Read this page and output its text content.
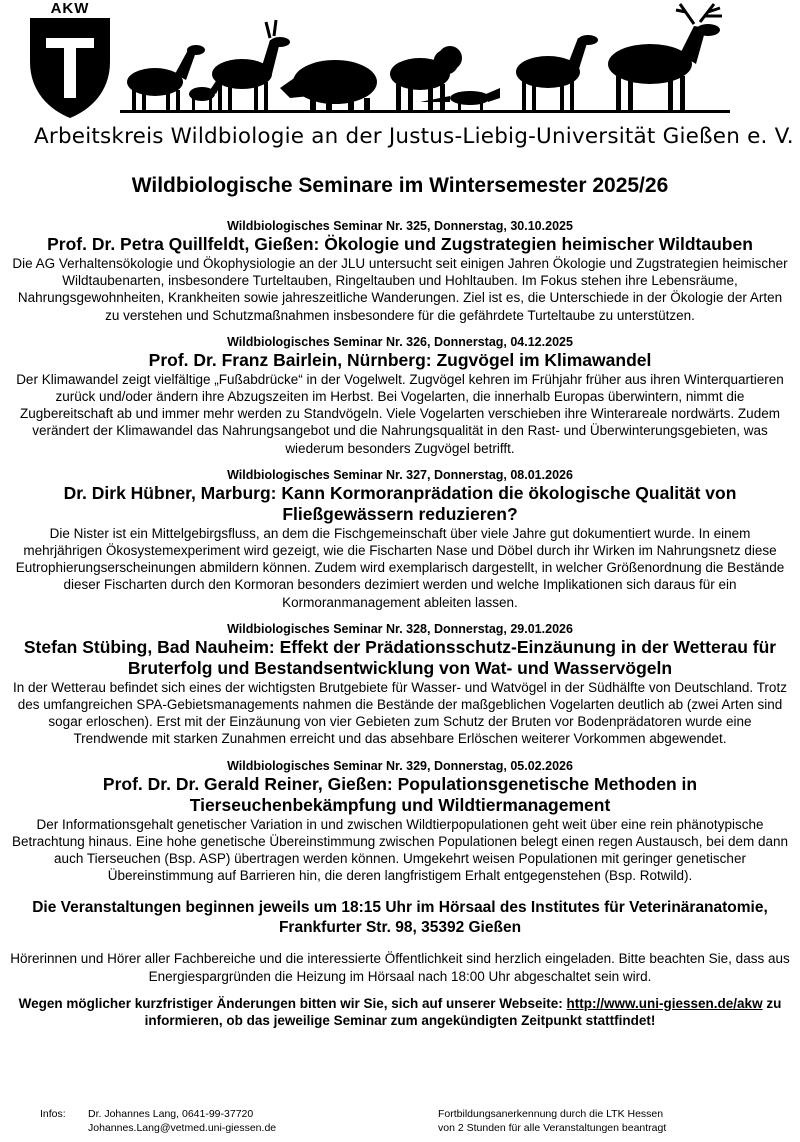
AKW
Arbeitskreis Wildbiologie an der Justus-Liebig-Universität Gießen e. V.
Wildbiologische Seminare im Wintersemester 2025/26

Wildbiologisches Seminar Nr. 325, Donnerstag, 30.10.2025

Prof. Dr. Petra Quillfeldt, Gießen: Ökologie und Zugstrategien heimischer Wildtauben

Die AG Verhaltensökologie und Ökophysiologie an der JLU untersucht seit einigen Jahren Ökologie und Zugstrategien heimischer Wildtaubenarten, insbesondere Turteltauben, Ringeltauben und Hohltauben. Im Fokus stehen ihre Lebensräume, Nahrungsgewohnheiten, Krankheiten sowie jahreszeitliche Wanderungen. Ziel ist es, die Unterschiede in der Ökologie der Arten zu verstehen und Schutzmaßnahmen insbesondere für die gefährdete Turteltaube zu unterstützen.

Wildbiologisches Seminar Nr. 326, Donnerstag, 04.12.2025

Prof. Dr. Franz Bairlein, Nürnberg: Zugvögel im Klimawandel

Der Klimawandel zeigt vielfältige „Fußabdrücke“ in der Vogelwelt. Zugvögel kehren im Frühjahr früher aus ihren Winterquartieren zurück und/oder ändern ihre Abzugszeiten im Herbst. Bei Vogelarten, die innerhalb Europas überwintern, nimmt die Zugbereitschaft ab und immer mehr werden zu Standvögeln. Viele Vogelarten verschieben ihre Winterareale nordwärts. Zudem verändert der Klimawandel das Nahrungsangebot und die Nahrungsqualität in den Rast- und Überwinterungsgebieten, was wiederum besonders Zugvögel betrifft.

Wildbiologisches Seminar Nr. 327, Donnerstag, 08.01.2026

Dr. Dirk Hübner, Marburg: Kann Kormoranprädation die ökologische Qualität von Fließgewässern reduzieren?

Die Nister ist ein Mittelgebirgsfluss, an dem die Fischgemeinschaft über viele Jahre gut dokumentiert wurde. In einem mehrjährigen Ökosystemexperiment wird gezeigt, wie die Fischarten Nase und Döbel durch ihr Wirken im Nahrungsnetz diese Eutrophierungserscheinungen abmildern können. Zudem wird exemplarisch dargestellt, in welcher Größenordnung die Bestände dieser Fischarten durch den Kormoran besonders dezimiert werden und welche Implikationen sich daraus für ein Kormoranmanagement ableiten lassen.

Wildbiologisches Seminar Nr. 328, Donnerstag, 29.01.2026

Stefan Stübing, Bad Nauheim: Effekt der Prädationsschutz-Einzäunung in der Wetterau für Bruterfolg und Bestandsentwicklung von Wat- und Wasservögeln

In der Wetterau befindet sich eines der wichtigsten Brutgebiete für Wasser- und Watvögel in der Südhälfte von Deutschland. Trotz des umfangreichen SPA-Gebietsmanagements nahmen die Bestände der maßgeblichen Vogelarten deutlich ab (zwei Arten sind sogar erloschen). Erst mit der Einzäunung von vier Gebieten zum Schutz der Bruten vor Bodenprädatoren wurde eine Trendwende mit starken Zunahmen erreicht und das absehbare Erlöschen weiterer Vorkommen abgewendet.

Wildbiologisches Seminar Nr. 329, Donnerstag, 05.02.2026

Prof. Dr. Dr. Gerald Reiner, Gießen: Populationsgenetische Methoden in Tierseuchenbekämpfung und Wildtiermanagement

Der Informationsgehalt genetischer Variation in und zwischen Wildtierpopulationen geht weit über eine rein phänotypische Betrachtung hinaus. Eine hohe genetische Übereinstimmung zwischen Populationen belegt einen regen Austausch, bei dem dann auch Tierseuchen (Bsp. ASP) übertragen werden können. Umgekehrt weisen Populationen mit geringer genetischer Übereinstimmung auf Barrieren hin, die deren langfristigem Erhalt entgegenstehen (Bsp. Rotwild).

Die Veranstaltungen beginnen jeweils um 18:15 Uhr im Hörsaal des Institutes für Veterinäranatomie, Frankfurter Str. 98, 35392 Gießen

Hörerinnen und Hörer aller Fachbereiche und die interessierte Öffentlichkeit sind herzlich eingeladen. Bitte beachten Sie, dass aus Energiespargründen die Heizung im Hörsaal nach 18:00 Uhr abgeschaltet sein wird.

Wegen möglicher kurzfristiger Änderungen bitten wir Sie, sich auf unserer Webseite: http://www.uni-giessen.de/akw zu informieren, ob das jeweilige Seminar zum angekündigten Zeitpunkt stattfindet!

Infos: Dr. Johannes Lang, 0641-99-37720
Johannes.Lang@vetmed.uni-giessen.de
Fortbildungsanerkennung durch die LTK Hessen
von 2 Stunden für alle Veranstaltungen beantragt
